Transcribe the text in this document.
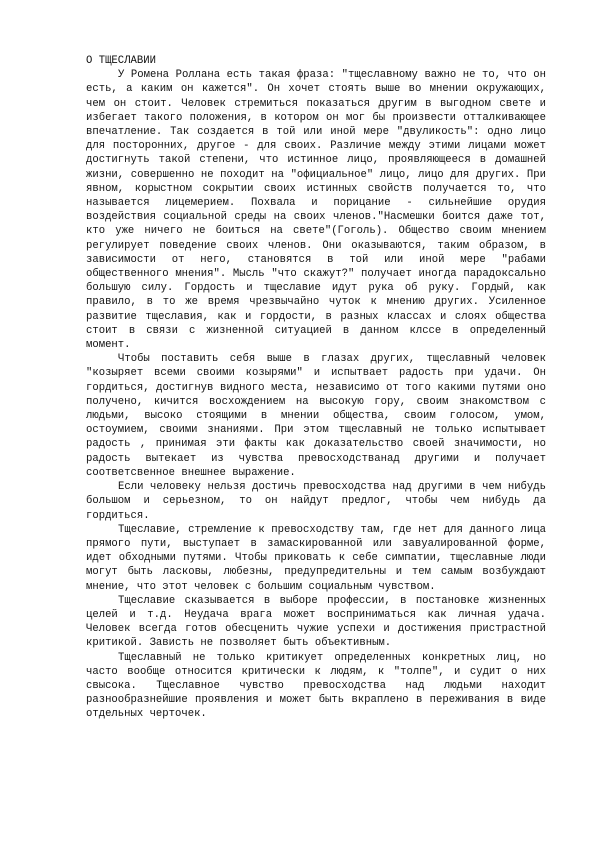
О ТЩЕСЛАВИИ

У Ромена Роллана есть такая фраза: "тщеславному важно не то, что он есть, а каким он кажется". Он хочет стоять выше во мнении окружающих, чем он стоит. Человек стремиться показаться другим в выгодном свете и избегает такого положения, в котором он мог бы произвести отталкивающее впечатление. Так создается в той или иной мере "двуликость": одно лицо для посторонних, другое - для своих. Различие между этими лицами может достигнуть такой степени, что истинное лицо, проявляющееся в домашней жизни, совершенно не походит на "официальное" лицо, лицо для других. При явном, корыстном сокрытии своих истинных свойств получается то, что называется лицемерием. Похвала и порицание - сильнейшие орудия воздействия социальной среды на своих членов."Насмешки боится даже тот, кто уже ничего не боиться на свете"(Гоголь). Общество своим мнением регулирует поведение своих членов. Они оказываются, таким образом, в зависимости от него, становятся в той или иной мере "рабами общественного мнения". Мысль "что скажут?" получает иногда парадоксально большую силу. Гордость и тщеславие идут рука об руку. Гордый, как правило, в то же время чрезвычайно чуток к мнению других. Усиленное развитие тщеславия, как и гордости, в разных классах и слоях общества стоит в связи с жизненной ситуацией в данном клссе в определенный момент.

Чтобы поставить себя выше в глазах других, тщеславный человек "козыряет всеми своими козырями" и испытвает радость при удачи. Он гордиться, достигнув видного места, независимо от того какими путями оно получено, кичится восхождением на высокую гору, своим знакомством с людьми, высоко стоящими в мнении общества, своим голосом, умом, остоумием, своими знаниями. При этом тщеславный не только испытывает радость , принимая эти факты как доказательство своей значимости, но радость вытекает из чувства превосходстванад другими и получает соответсвенное внешнее выражение.

Если человеку нельзя достичь превосходства над другими в чем нибудь большом и серьезном, то он найдут предлог, чтобы чем нибудь да гордиться.

Тщеславие, стремление к превосходству там, где нет для данного лица прямого пути, выступает в замаскированной или завуалированной форме, идет обходными путями. Чтобы приковать к себе симпатии, тщеславные люди могут быть ласковы, любезны, предупредительны и тем самым возбуждают мнение, что этот человек с большим социальным чувством.

Тщеславие сказывается в выборе профессии, в постановке жизненных целей и т.д. Неудача врага может восприниматься как личная удача. Человек всегда готов обесценить чужие успехи и достижения пристрастной критикой. Зависть не позволяет быть объективным.

Тщеславный не только критикует определенных конкретных лиц, но часто вообще относится критически к людям, к "толпе", и судит о них свысока. Тщеславное чувство превосходства над людьми находит разнообразнейшие проявления и может быть вкраплено в переживания в виде отдельных черточек.
